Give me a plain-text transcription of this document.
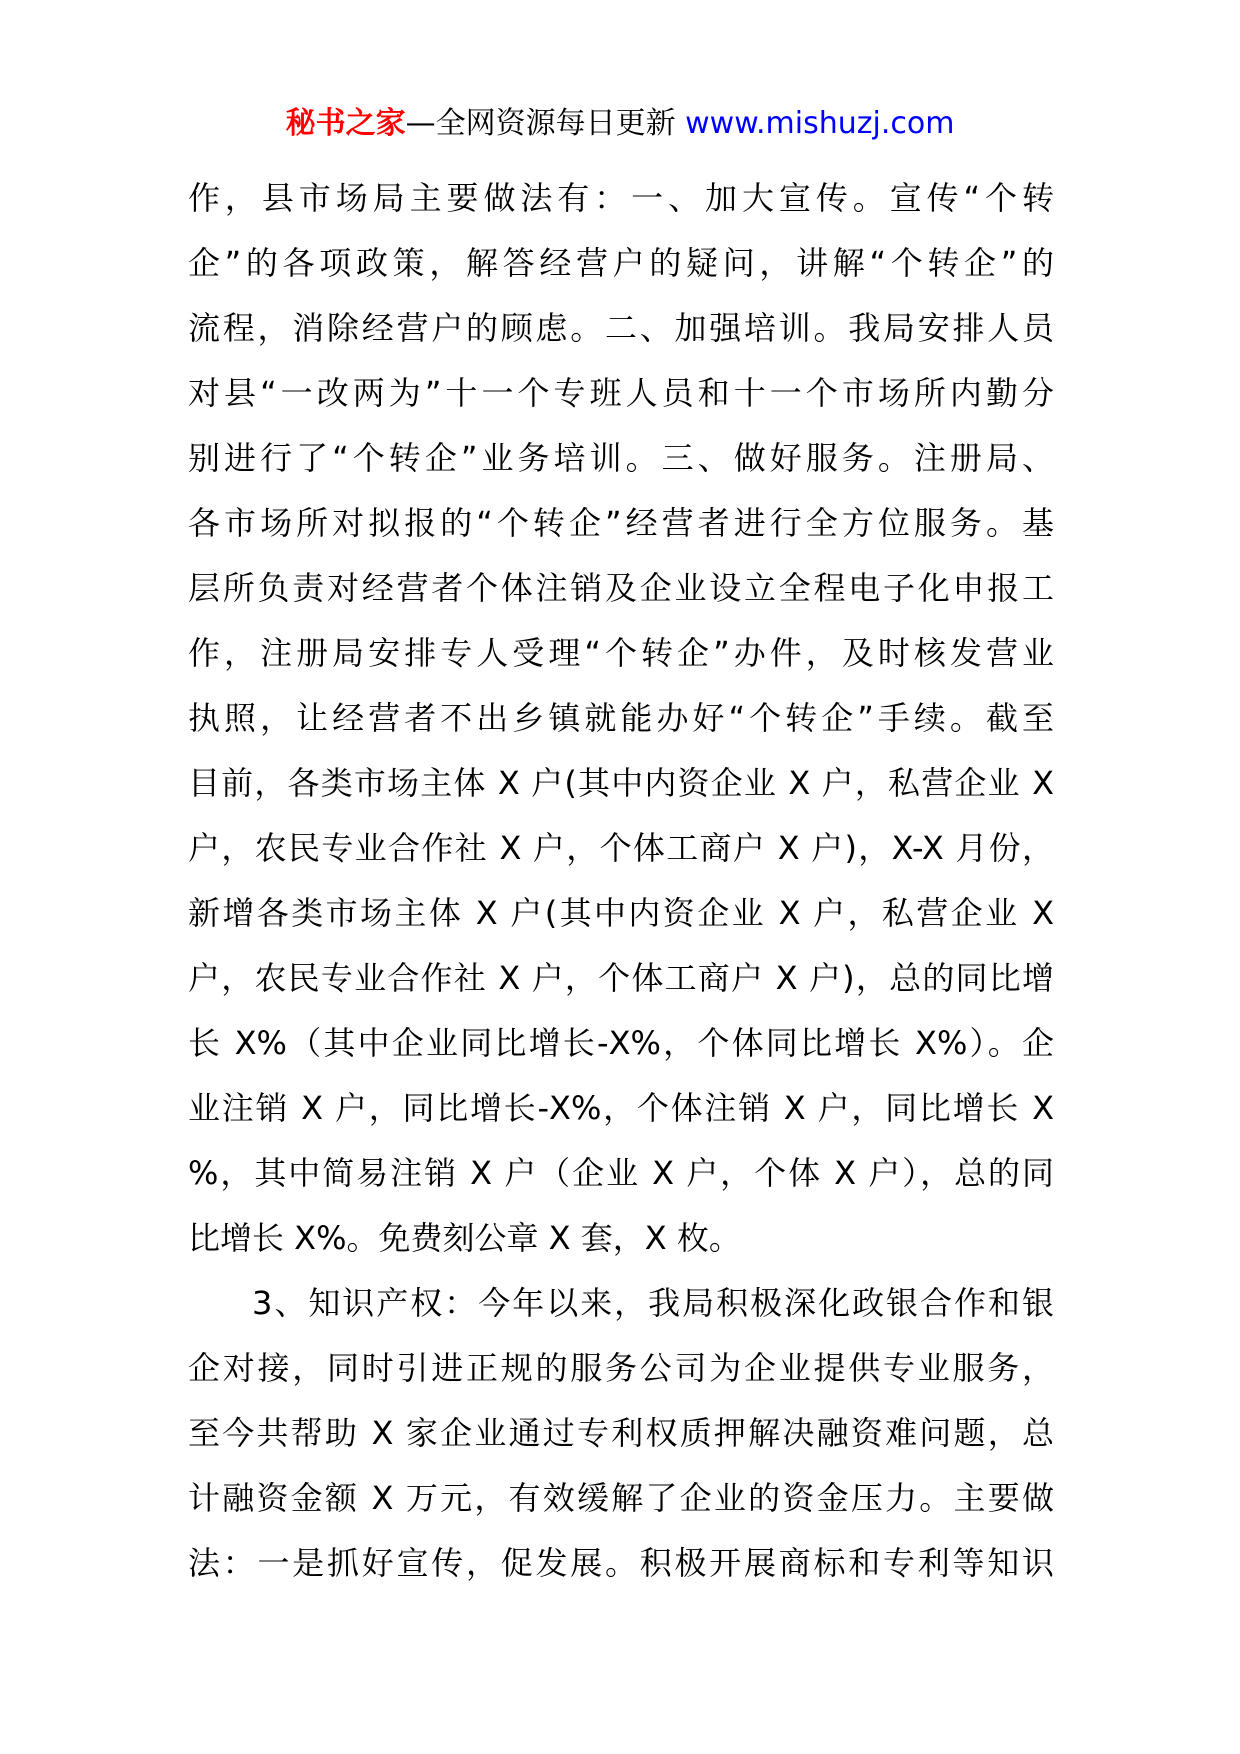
秘书之家—全网资源每日更新 www.mishuzj.com
作，县市场局主要做法有：一、加大宣传。宣传“个转
企”的各项政策，解答经营户的疑问，讲解“个转企”的
流程，消除经营户的顾虑。二、加强培训。我局安排人员
对县“一改两为”十一个专班人员和十一个市场所内勤分
别进行了“个转企”业务培训。三、做好服务。注册局、
各市场所对拟报的“个转企”经营者进行全方位服务。基
层所负责对经营者个体注销及企业设立全程电子化申报工
作，注册局安排专人受理“个转企”办件，及时核发营业
执照，让经营者不出乡镇就能办好“个转企”手续。截至
目前，各类市场主体 X 户(其中内资企业 X 户，私营企业 X
户，农民专业合作社 X 户，个体工商户 X 户)，X-X 月份，
新增各类市场主体 X 户(其中内资企业 X 户，私营企业 X
户，农民专业合作社 X 户，个体工商户 X 户)，总的同比增
长 X%（其中企业同比增长-X%，个体同比增长 X%）。企
业注销 X 户，同比增长-X%，个体注销 X 户，同比增长 X
%，其中简易注销 X 户（企业 X 户，个体 X 户），总的同
比增长 X%。免费刻公章 X 套，X 枚。
3、知识产权：今年以来，我局积极深化政银合作和银
企对接，同时引进正规的服务公司为企业提供专业服务，
至今共帮助 X 家企业通过专利权质押解决融资难问题，总
计融资金额 X 万元，有效缓解了企业的资金压力。主要做
法：一是抓好宣传，促发展。积极开展商标和专利等知识
